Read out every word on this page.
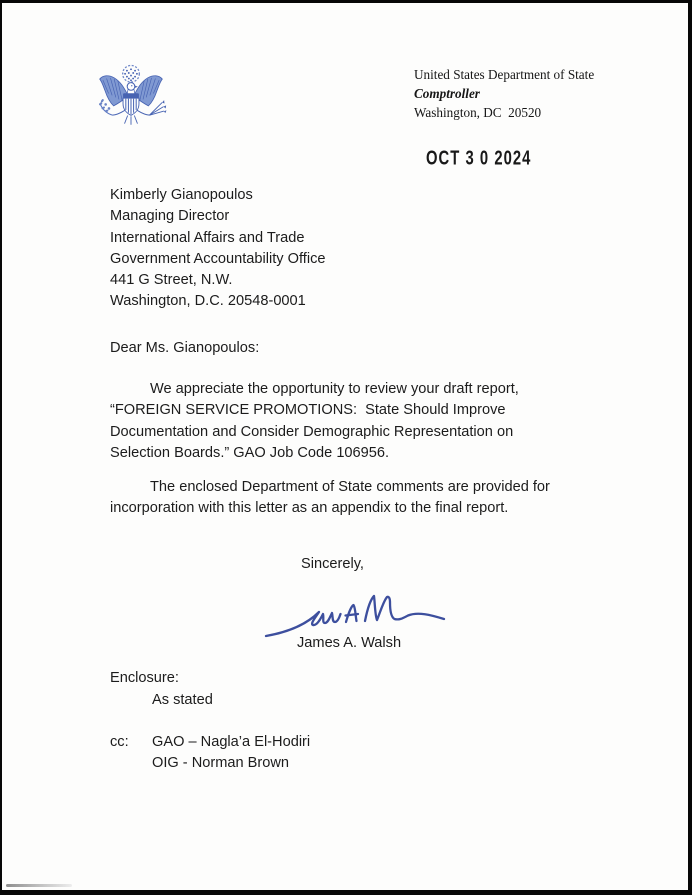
United States Department of State
Comptroller
Washington, DC  20520
OCT 3 0 2024
Kimberly Gianopoulos
Managing Director
International Affairs and Trade
Government Accountability Office
441 G Street, N.W.
Washington, D.C. 20548-0001
Dear Ms. Gianopoulos:
We appreciate the opportunity to review your draft report,
“FOREIGN SERVICE PROMOTIONS:  State Should Improve
Documentation and Consider Demographic Representation on
Selection Boards.” GAO Job Code 106956.
The enclosed Department of State comments are provided for
incorporation with this letter as an appendix to the final report.
Sincerely,
James A. Walsh
Enclosure:
As stated
cc: GAO – Nagla’a El-Hodiri
OIG - Norman Brown
